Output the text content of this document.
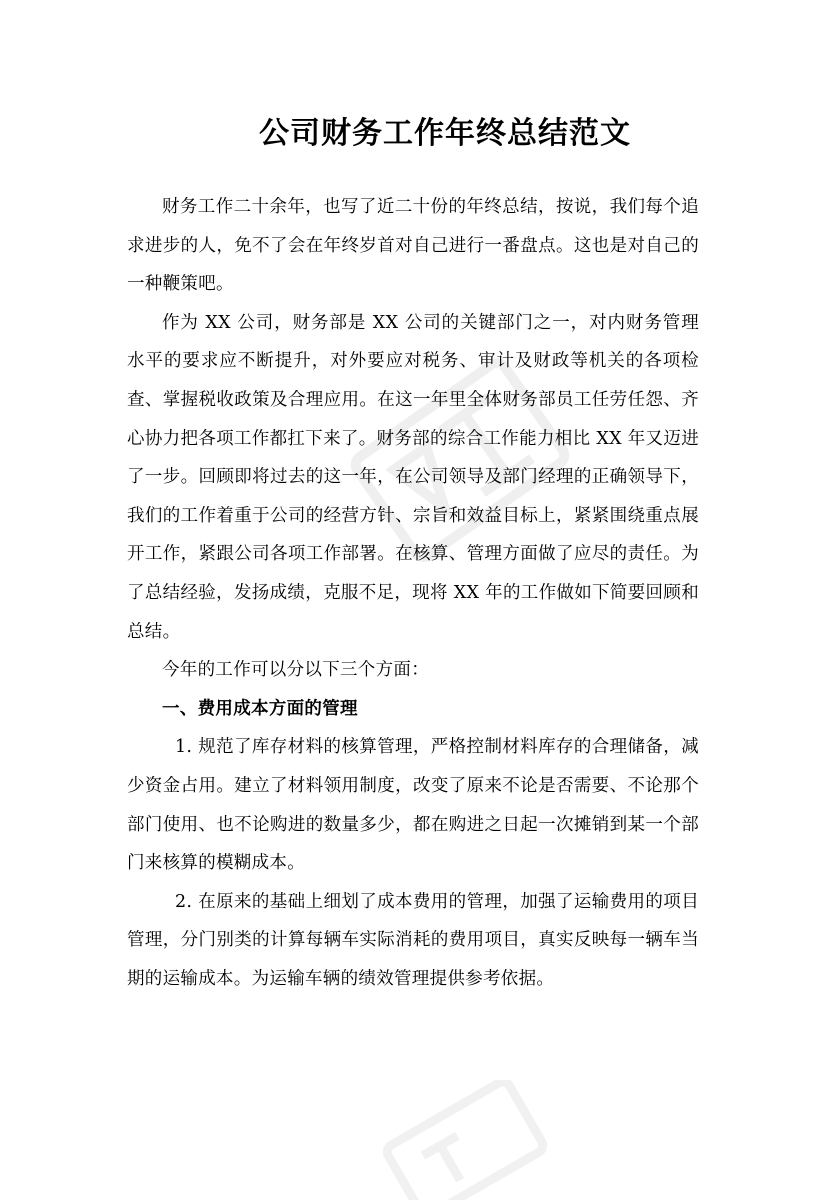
公司财务工作年终总结范文

财务工作二十余年，也写了近二十份的年终总结，按说，我们每个追求进步的人，免不了会在年终岁首对自己进行一番盘点。这也是对自己的一种鞭策吧。

作为 XX 公司，财务部是 XX 公司的关键部门之一，对内财务管理水平的要求应不断提升，对外要应对税务、审计及财政等机关的各项检查、掌握税收政策及合理应用。在这一年里全体财务部员工任劳任怨、齐心协力把各项工作都扛下来了。财务部的综合工作能力相比 XX 年又迈进了一步。回顾即将过去的这一年，在公司领导及部门经理的正确领导下，我们的工作着重于公司的经营方针、宗旨和效益目标上，紧紧围绕重点展开工作，紧跟公司各项工作部署。在核算、管理方面做了应尽的责任。为了总结经验，发扬成绩，克服不足，现将 XX 年的工作做如下简要回顾和总结。

今年的工作可以分以下三个方面：

一、费用成本方面的管理

1. 规范了库存材料的核算管理，严格控制材料库存的合理储备，减少资金占用。建立了材料领用制度，改变了原来不论是否需要、不论那个部门使用、也不论购进的数量多少，都在购进之日起一次摊销到某一个部门来核算的模糊成本。

2. 在原来的基础上细划了成本费用的管理，加强了运输费用的项目管理，分门别类的计算每辆车实际消耗的费用项目，真实反映每一辆车当期的运输成本。为运输车辆的绩效管理提供参考依据。
